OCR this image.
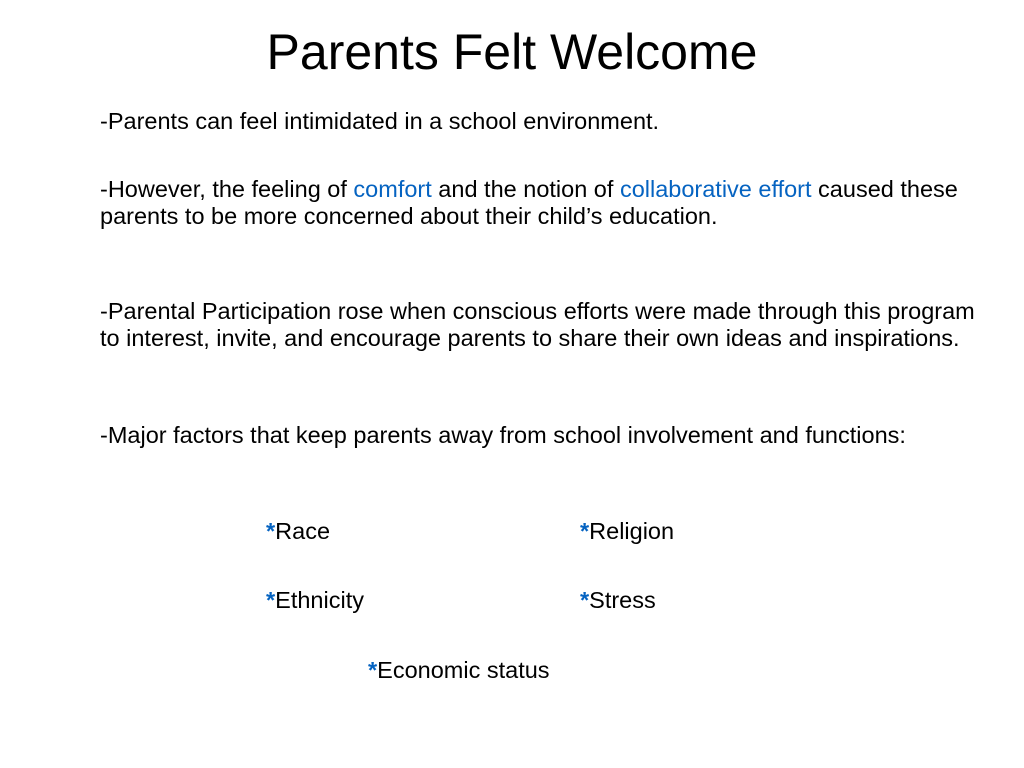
Parents Felt Welcome

-Parents can feel intimidated in a school environment.

-However, the feeling of comfort and the notion of collaborative effort caused these parents to be more concerned about their child’s education.

-Parental Participation rose when conscious efforts were made through this program to interest, invite, and encourage parents to share their own ideas and inspirations.

-Major factors that keep parents away from school involvement and functions:

*Race	*Religion
*Ethnicity	*Stress
*Economic status
